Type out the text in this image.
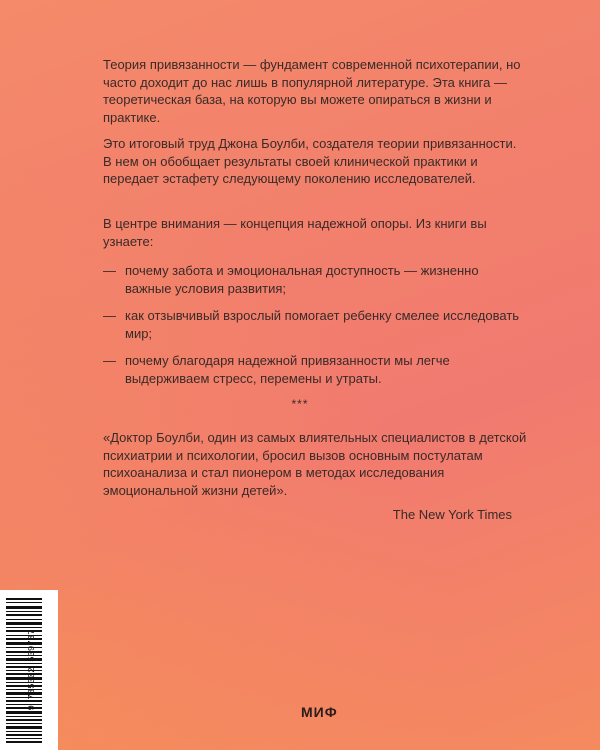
Теория привязанности — фундамент современной психотерапии, но часто доходит до нас лишь в популярной литературе. Эта книга — теоретическая база, на которую вы можете опираться в жизни и практике.
Это итоговый труд Джона Боулби, создателя теории привязанности. В нем он обобщает результаты своей клинической практики и передает эстафету следующему поколению исследователей.
В центре внимания — концепция надежной опоры. Из книги вы узнаете:
— почему забота и эмоциональная доступность — жизненно важные условия развития;
— как отзывчивый взрослый помогает ребенку смелее исследовать мир;
— почему благодаря надежной привязанности мы легче выдерживаем стресс, перемены и утраты.
***
«Доктор Боулби, один из самых влиятельных специалистов в детской психиатрии и психологии, бросил вызов основным постулатам психоанализа и стал пионером в методах исследования эмоциональной жизни детей».
The New York Times
9 785002 509737
МИФ
